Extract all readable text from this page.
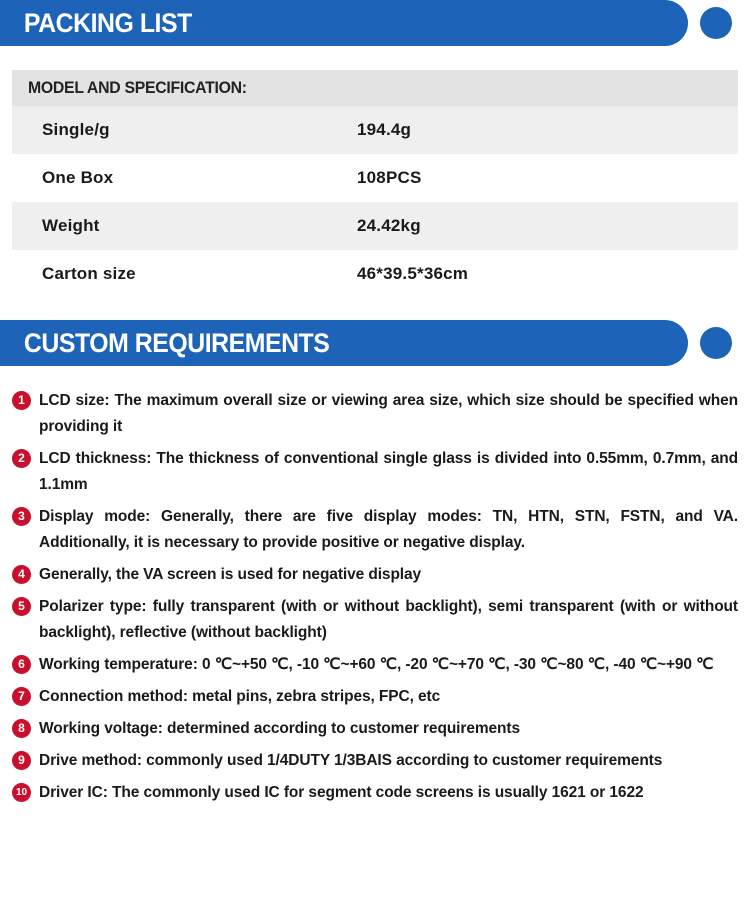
PACKING LIST
MODEL AND SPECIFICATION:
Single/g	194.4g
One Box	108PCS
Weight	24.42kg
Carton size	46*39.5*36cm
CUSTOM REQUIREMENTS
1 LCD size: The maximum overall size or viewing area size, which size should be specified when providing it
2 LCD thickness: The thickness of conventional single glass is divided into 0.55mm, 0.7mm, and 1.1mm
3 Display mode: Generally, there are five display modes: TN, HTN, STN, FSTN, and VA. Additionally, it is necessary to provide positive or negative display.
4 Generally, the VA screen is used for negative display
5 Polarizer type: fully transparent (with or without backlight), semi transparent (with or without backlight), reflective (without backlight)
6 Working temperature: 0 ℃~+50 ℃, -10 ℃~+60 ℃, -20 ℃~+70 ℃, -30 ℃~80 ℃, -40 ℃~+90 ℃
7 Connection method: metal pins, zebra stripes, FPC, etc
8 Working voltage: determined according to customer requirements
9 Drive method: commonly used 1/4DUTY 1/3BAIS according to customer requirements
10 Driver IC: The commonly used IC for segment code screens is usually 1621 or 1622
